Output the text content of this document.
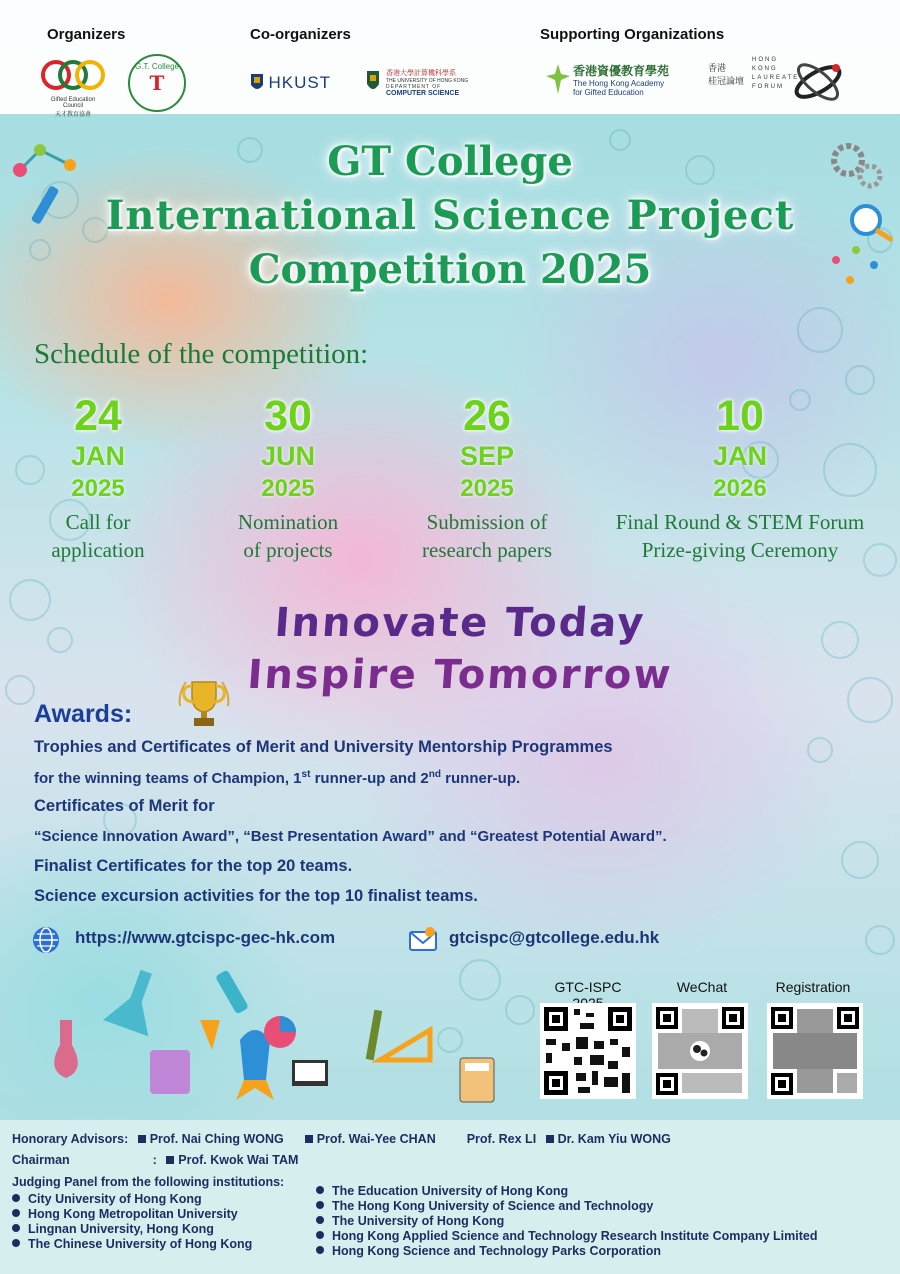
Organizers	Co-organizers	Supporting Organizations
Gifted Education Council
天才教育協會
G.T. College
T	HKUST	香港大學計算機科學系
THE UNIVERSITY OF HONG KONG
DEPARTMENT OF
COMPUTER SCIENCE
香港資優教育學苑
The Hong Kong Academy
for Gifted Education
香港
桂冠論壇
HONG
KONG
LAUREATE
FORUM
GT College
International Science Project
Competition 2025
Schedule of the competition:
24
JAN
2025
Call for
application
30
JUN
2025
Nomination
of projects
26
SEP
2025
Submission of
research papers
10
JAN
2026
Final Round & STEM Forum
Prize-giving Ceremony
Innovate Today
Inspire Tomorrow
Awards:
Trophies and Certificates of Merit and University Mentorship Programmes
for the winning teams of Champion, 1st runner-up and 2nd runner-up.
Certificates of Merit for
“Science Innovation Award”, “Best Presentation Award” and “Greatest Potential Award”.
Finalist Certificates for the top 20 teams.
Science excursion activities for the top 10 finalist teams.
https://www.gtcispc-gec-hk.com	gtcispc@gtcollege.edu.hk
GTC-ISPC	WeChat	Registration
Honorary Advisors: Prof. Nai Ching WONG	Prof. Wai-Yee CHAN Prof. Rex LI Dr. Kam Yiu WONG
Chairman	: Prof. Kwok Wai TAM
Judging Panel from the following institutions:
City University of Hong Kong
Hong Kong Metropolitan University
Lingnan University, Hong Kong
The Chinese University of Hong Kong
The Education University of Hong Kong
The Hong Kong University of Science and Technology
The University of Hong Kong
Hong Kong Applied Science and Technology Research Institute Company Limited
Hong Kong Science and Technology Parks Corporation
